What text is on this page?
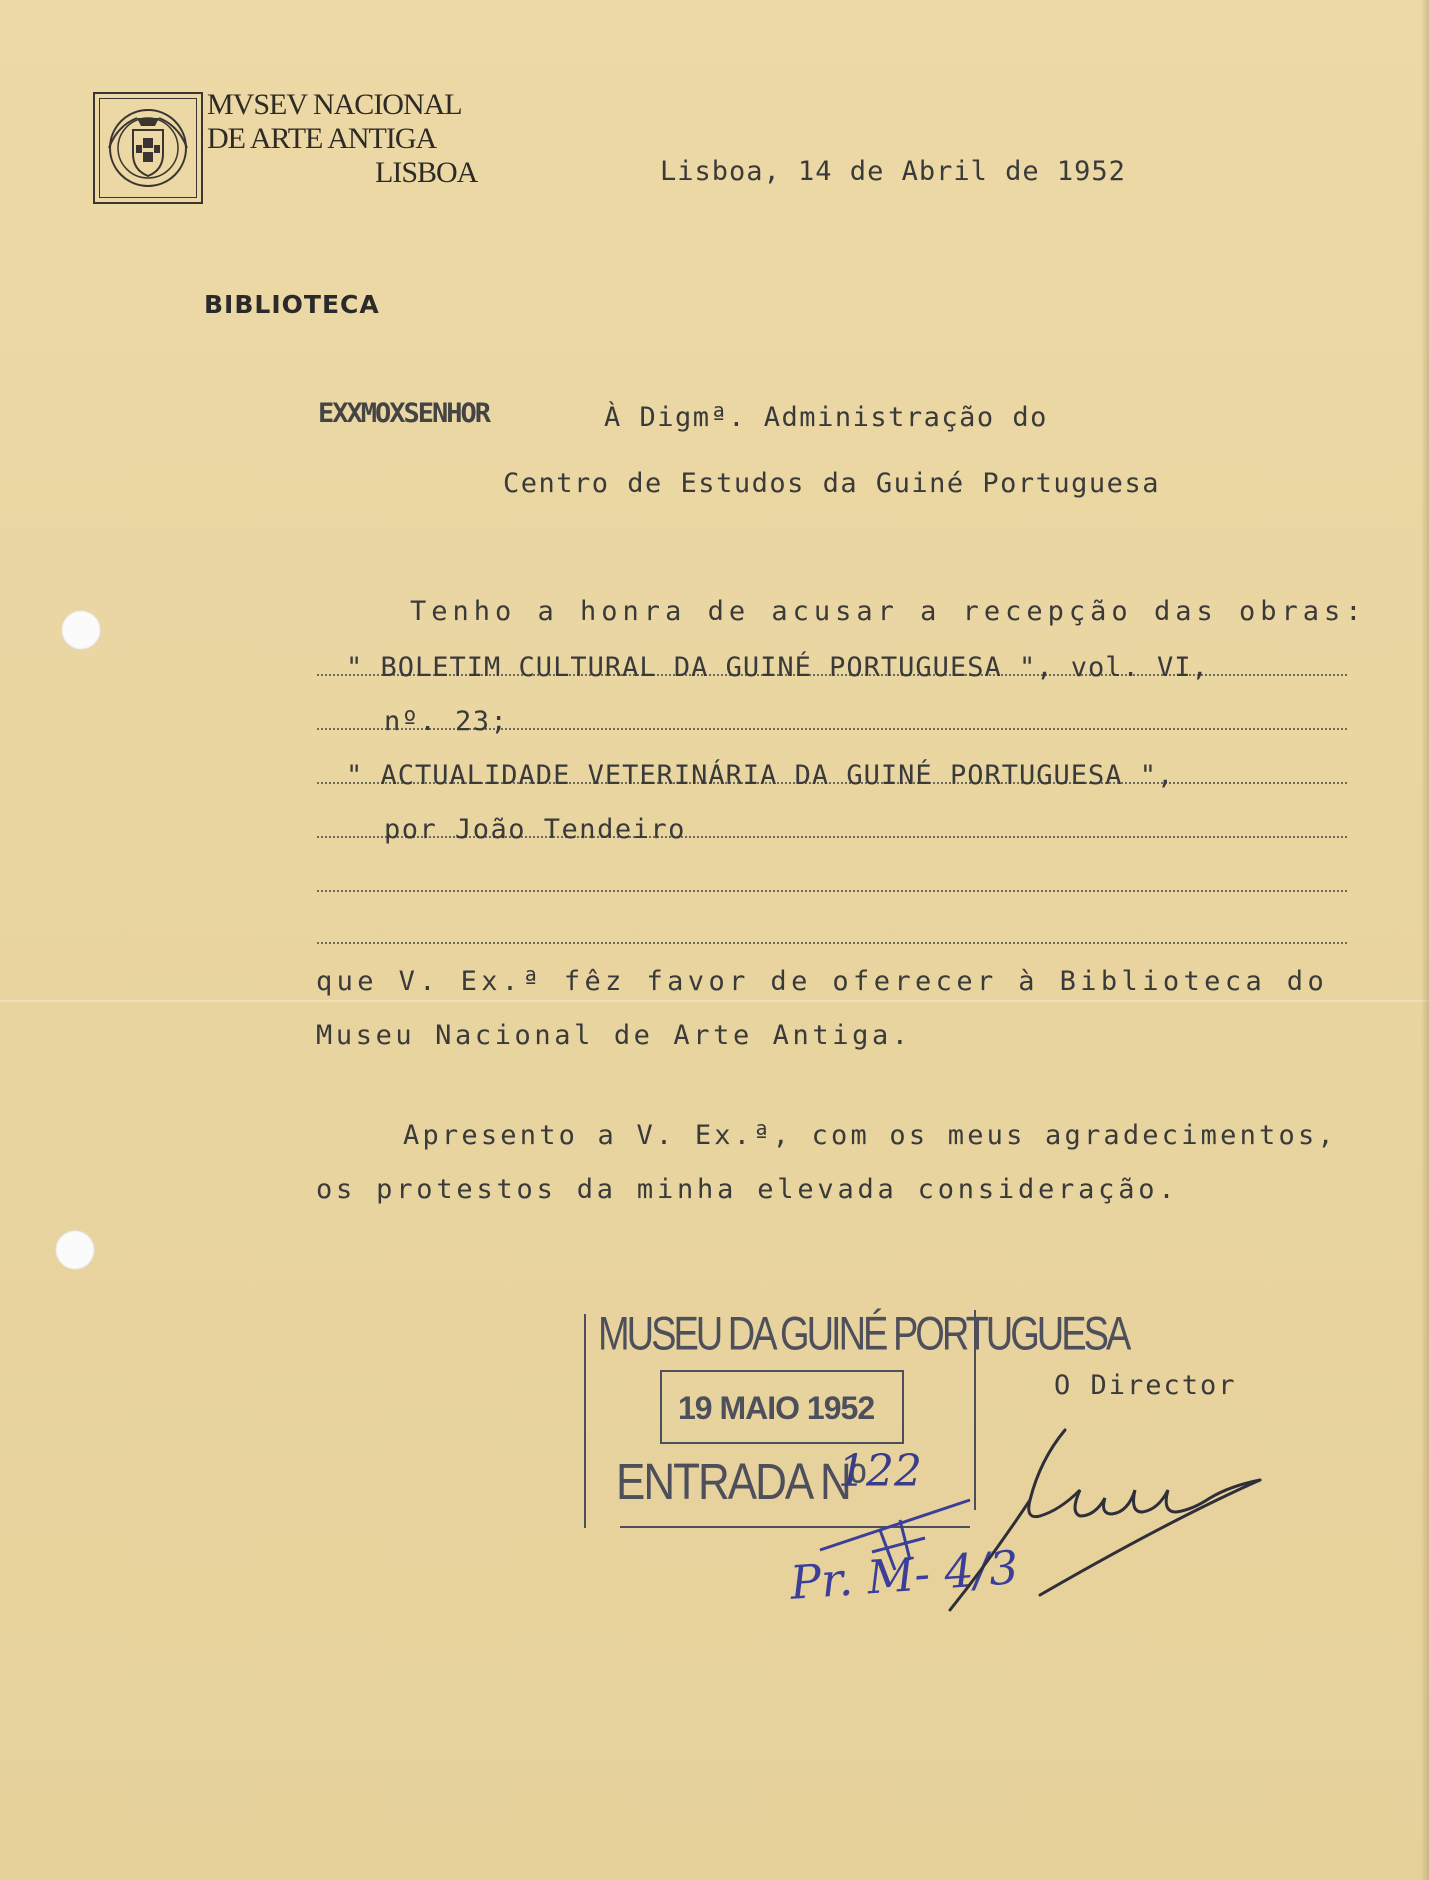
MVSEV NACIONAL
DE ARTE ANTIGA
LISBOA	Lisboa, 14 de Abril de 1952
BIBLIOTECA
EXXMOXSENHOR	À Digmª. Administração do
Centro de Estudos da Guiné Portuguesa
Tenho a honra de acusar a recepção das obras:
" BOLETIM CULTURAL DA GUINÉ PORTUGUESA ", vol. VI,
nº. 23;
" ACTUALIDADE VETERINÁRIA DA GUINÉ PORTUGUESA ",
por João Tendeiro
que V. Ex.ª fêz favor de oferecer à Biblioteca do
Museu Nacional de Arte Antiga.
Apresento a V. Ex.ª, com os meus agradecimentos,
os protestos da minha elevada consideração.
MUSEU DA GUINÉ PORTUGUESA
19 MAIO 1952
ENTRADA Nº
122
Pr. M- 4/3
O Director
